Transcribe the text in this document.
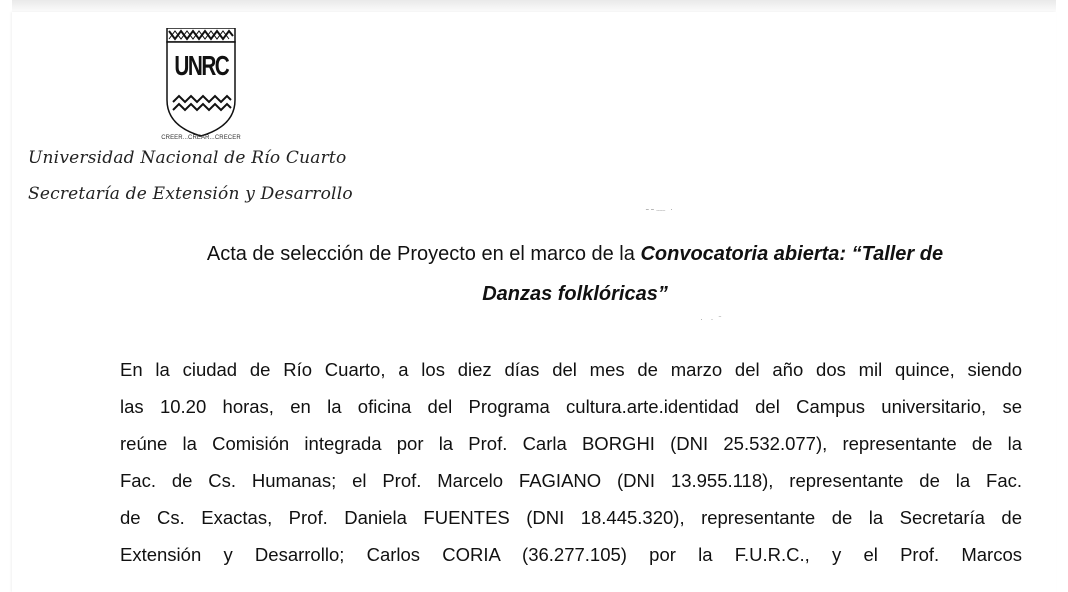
UNRC
CREER...CREAR...CRECER
Universidad Nacional de Río Cuarto
Secretaría de Extensión y Desarrollo
ـ ـ ﹏  .
·   ·  ˉ
Acta de selección de Proyecto en el marco de la Convocatoria abierta: “Taller de
Danzas folklóricas”
En la ciudad de Río Cuarto, a los diez días del mes de marzo del año dos mil quince, siendo
las 10.20 horas, en la oficina del Programa cultura.arte.identidad del Campus universitario, se
reúne la Comisión integrada por la Prof. Carla BORGHI (DNI 25.532.077), representante de la
Fac. de Cs. Humanas; el Prof. Marcelo FAGIANO (DNI 13.955.118), representante de la Fac.
de Cs. Exactas, Prof. Daniela FUENTES (DNI 18.445.320), representante de la Secretaría de
Extensión y Desarrollo; Carlos CORIA (36.277.105) por la F.U.R.C., y el Prof. Marcos
